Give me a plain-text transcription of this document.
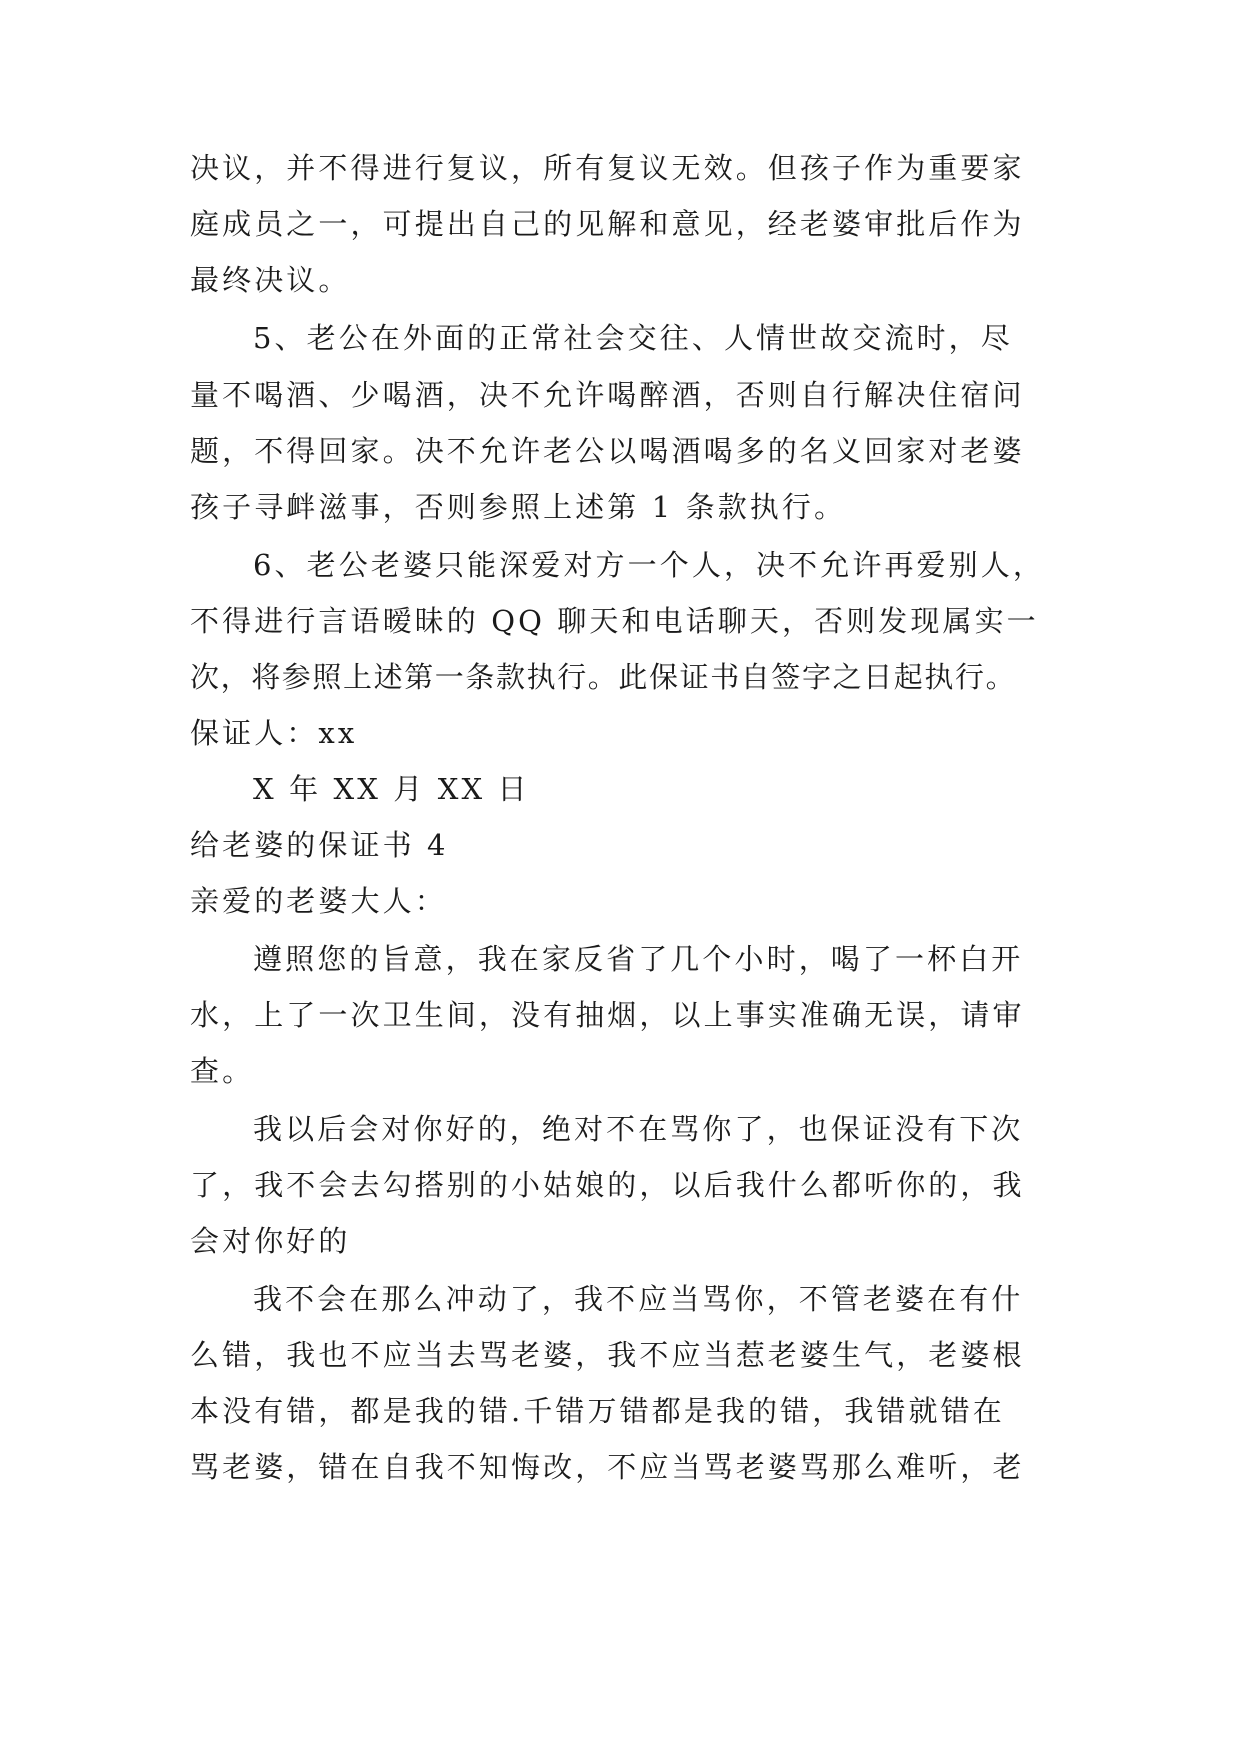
决议，并不得进行复议，所有复议无效。但孩子作为重要家

庭成员之一，可提出自己的见解和意见，经老婆审批后作为

最终决议。

5、老公在外面的正常社会交往、人情世故交流时，尽

量不喝酒、少喝酒，决不允许喝醉酒，否则自行解决住宿问

题，不得回家。决不允许老公以喝酒喝多的名义回家对老婆

孩子寻衅滋事，否则参照上述第 1 条款执行。

6、老公老婆只能深爱对方一个人，决不允许再爱别人，

不得进行言语暧昧的 QQ 聊天和电话聊天，否则发现属实一

次，将参照上述第一条款执行。此保证书自签字之日起执行。

保证人：xx

X 年 XX 月 XX 日

给老婆的保证书 4

亲爱的老婆大人：

遵照您的旨意，我在家反省了几个小时，喝了一杯白开

水，上了一次卫生间，没有抽烟，以上事实准确无误，请审

查。

我以后会对你好的，绝对不在骂你了，也保证没有下次

了，我不会去勾搭别的小姑娘的，以后我什么都听你的，我

会对你好的

我不会在那么冲动了，我不应当骂你，不管老婆在有什

么错，我也不应当去骂老婆，我不应当惹老婆生气，老婆根

本没有错，都是我的错.千错万错都是我的错，我错就错在

骂老婆，错在自我不知悔改，不应当骂老婆骂那么难听，老
